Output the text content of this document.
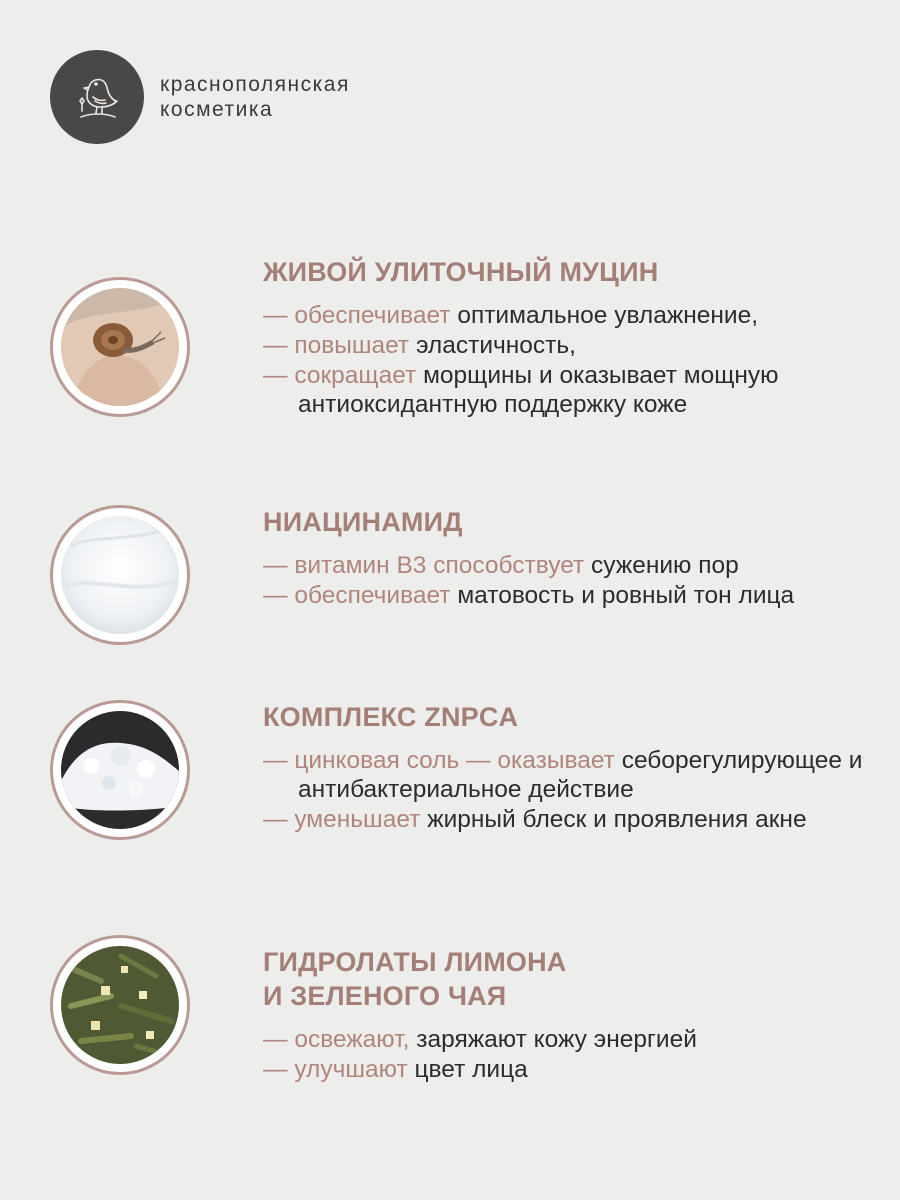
краснополянская
косметика
ЖИВОЙ УЛИТОЧНЫЙ МУЦИН
— обеспечивает оптимальное увлажнение,
— повышает эластичность,
— сокращает морщины и оказывает мощную антиоксидантную поддержку коже
НИАЦИНАМИД
— витамин В3 способствует сужению пор
— обеспечивает матовость и ровный тон лица
КОМПЛЕКС ZNPCA
— цинковая соль — оказывает себорегулирующее и антибактериальное действие
— уменьшает жирный блеск и проявления акне
ГИДРОЛАТЫ ЛИМОНА
И ЗЕЛЕНОГО ЧАЯ
— освежают, заряжают кожу энергией
— улучшают цвет лица
